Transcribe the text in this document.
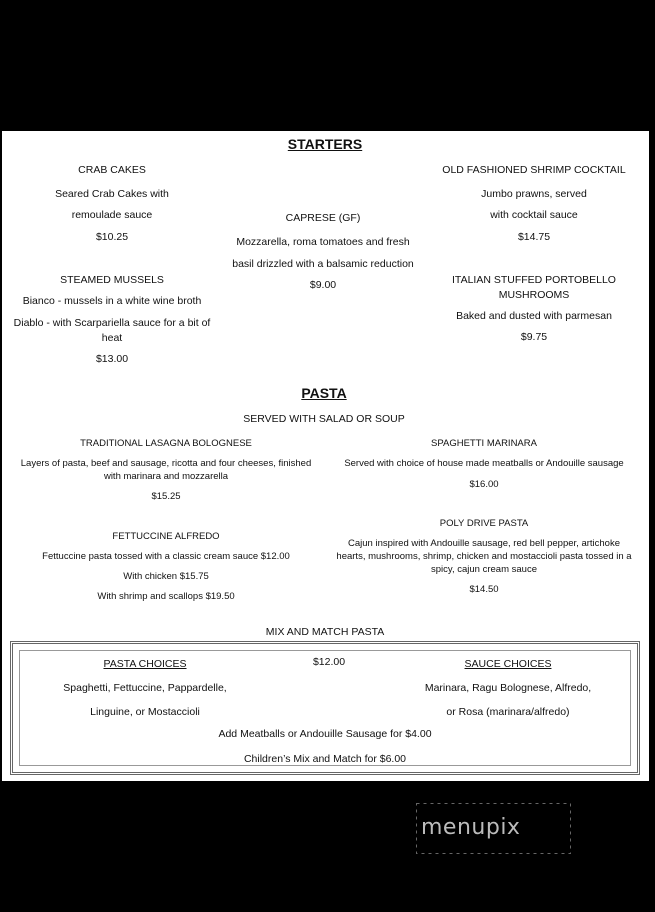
STARTERS
CRAB CAKES
Seared Crab Cakes with
remoulade sauce
$10.25
CAPRESE (GF)
Mozzarella, roma tomatoes and fresh
basil drizzled with a balsamic reduction
$9.00
OLD FASHIONED SHRIMP COCKTAIL
Jumbo prawns, served
with cocktail sauce
$14.75
STEAMED MUSSELS
Bianco - mussels in a white wine broth
Diablo - with Scarpariella sauce for a bit of
heat
$13.00
ITALIAN STUFFED PORTOBELLO
MUSHROOMS
Baked and dusted with parmesan
$9.75
PASTA
SERVED WITH SALAD OR SOUP
TRADITIONAL LASAGNA BOLOGNESE
Layers of pasta, beef and sausage, ricotta and four cheeses, finished
with marinara and mozzarella
$15.25
SPAGHETTI MARINARA
Served with choice of house made meatballs or Andouille sausage
$16.00
FETTUCCINE ALFREDO
Fettuccine pasta tossed with a classic cream sauce $12.00
With chicken $15.75
With shrimp and scallops $19.50
POLY DRIVE PASTA
Cajun inspired with Andouille sausage, red bell pepper, artichoke
hearts, mushrooms, shrimp, chicken and mostaccioli pasta tossed in a
spicy, cajun cream sauce
$14.50
MIX AND MATCH PASTA
PASTA CHOICES	$12.00	SAUCE CHOICES
Spaghetti, Fettuccine, Pappardelle,
Linguine, or Mostaccioli
Marinara, Ragu Bolognese, Alfredo,
or Rosa (marinara/alfredo)
Add Meatballs or Andouille Sausage for $4.00
Children’s Mix and Match for $6.00
menupix
